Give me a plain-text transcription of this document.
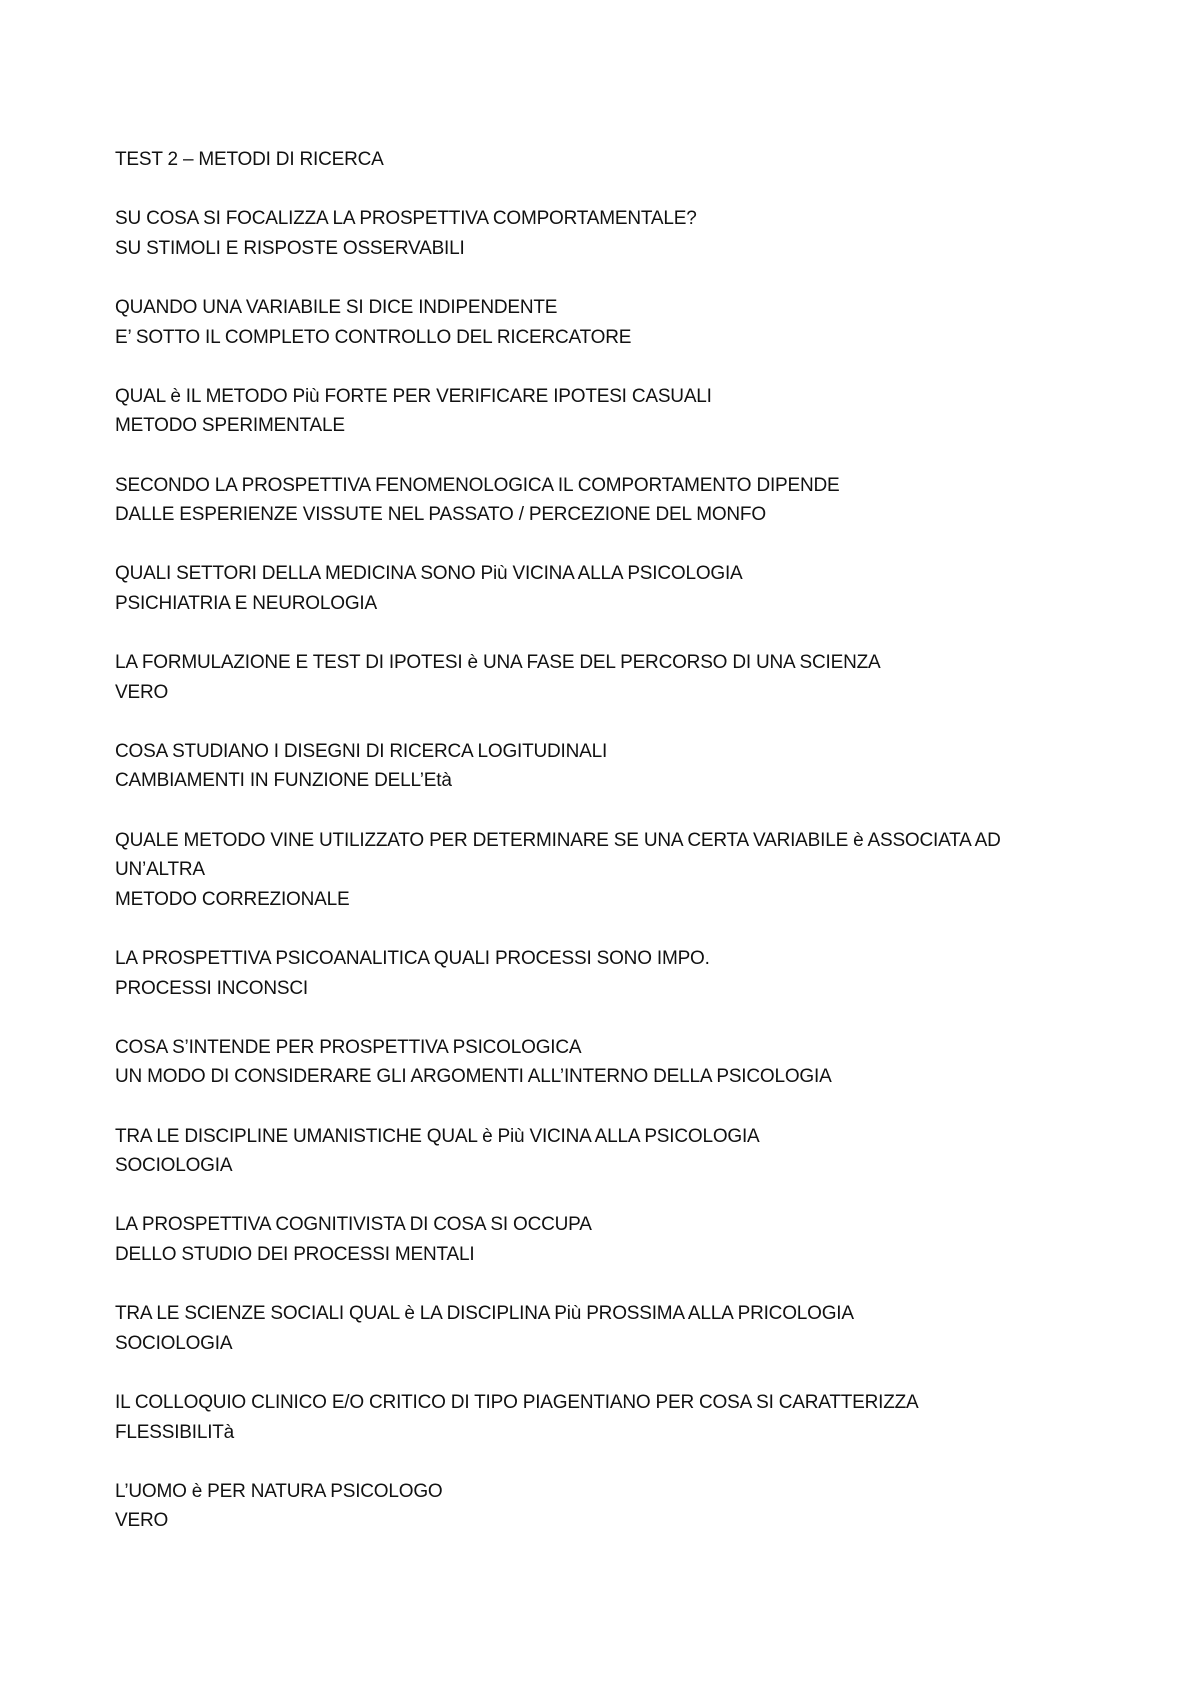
TEST 2 – METODI DI RICERCA
SU COSA SI FOCALIZZA LA PROSPETTIVA COMPORTAMENTALE?
SU STIMOLI E RISPOSTE OSSERVABILI
QUANDO UNA VARIABILE SI DICE INDIPENDENTE
E’ SOTTO IL COMPLETO CONTROLLO DEL RICERCATORE
QUAL è IL METODO Più FORTE PER VERIFICARE IPOTESI CASUALI
METODO SPERIMENTALE
SECONDO LA PROSPETTIVA FENOMENOLOGICA IL COMPORTAMENTO DIPENDE
DALLE ESPERIENZE VISSUTE NEL PASSATO / PERCEZIONE DEL MONFO
QUALI SETTORI DELLA MEDICINA SONO Più VICINA ALLA PSICOLOGIA
PSICHIATRIA E NEUROLOGIA
LA FORMULAZIONE E TEST DI IPOTESI è UNA FASE DEL PERCORSO DI UNA SCIENZA
VERO
COSA STUDIANO I DISEGNI DI RICERCA LOGITUDINALI
CAMBIAMENTI IN FUNZIONE DELL’Età
QUALE METODO VINE UTILIZZATO PER DETERMINARE SE UNA CERTA VARIABILE è ASSOCIATA AD
UN’ALTRA
METODO CORREZIONALE
LA PROSPETTIVA PSICOANALITICA QUALI PROCESSI SONO IMPO.
PROCESSI INCONSCI
COSA S’INTENDE PER PROSPETTIVA PSICOLOGICA
UN MODO DI CONSIDERARE GLI ARGOMENTI ALL’INTERNO DELLA PSICOLOGIA
TRA LE DISCIPLINE UMANISTICHE QUAL è Più VICINA ALLA PSICOLOGIA
SOCIOLOGIA
LA PROSPETTIVA COGNITIVISTA DI COSA SI OCCUPA
DELLO STUDIO DEI PROCESSI MENTALI
TRA LE SCIENZE SOCIALI QUAL è LA DISCIPLINA Più PROSSIMA ALLA PRICOLOGIA
SOCIOLOGIA
IL COLLOQUIO CLINICO E/O CRITICO DI TIPO PIAGENTIANO PER COSA SI CARATTERIZZA
FLESSIBILITà
L’UOMO è PER NATURA PSICOLOGO
VERO
